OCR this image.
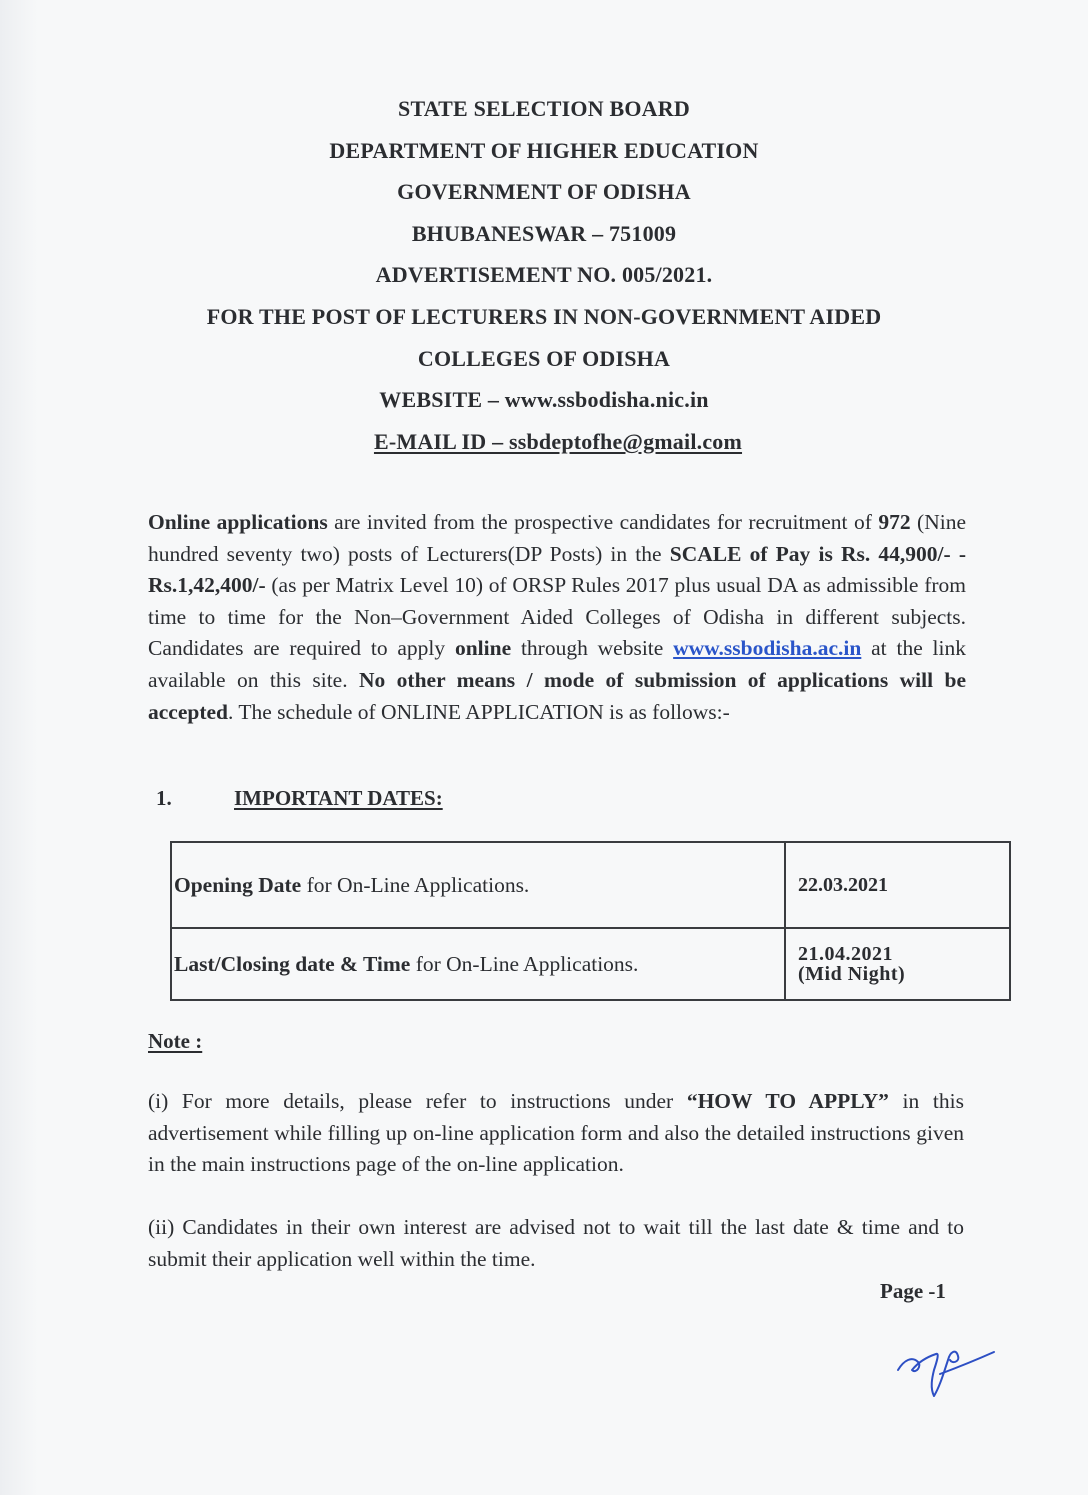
STATE SELECTION BOARD
DEPARTMENT OF HIGHER EDUCATION
GOVERNMENT OF ODISHA
BHUBANESWAR – 751009
ADVERTISEMENT NO. 005/2021.
FOR THE POST OF LECTURERS IN NON-GOVERNMENT AIDED
COLLEGES OF ODISHA
WEBSITE – www.ssbodisha.nic.in
E-MAIL ID – ssbdeptofhe@gmail.com
Online applications are invited from the prospective candidates for recruitment of 972 (Nine hundred seventy two) posts of Lecturers(DP Posts) in the SCALE of Pay is Rs. 44,900/- - Rs.1,42,400/- (as per Matrix Level 10) of ORSP Rules 2017 plus usual DA as admissible from time to time for the Non–Government Aided Colleges of Odisha in different subjects. Candidates are required to apply online through website www.ssbodisha.ac.in at the link available on this site. No other means / mode of submission of applications will be accepted. The schedule of ONLINE APPLICATION is as follows:-
1.	IMPORTANT DATES:
Opening Date for On-Line Applications.	22.03.2021
Last/Closing date & Time for On-Line Applications.	21.04.2021
(Mid Night)
Note :
(i) For more details, please refer to instructions under “HOW TO APPLY” in this advertisement while filling up on-line application form and also the detailed instructions given in the main instructions page of the on-line application.
(ii) Candidates in their own interest are advised not to wait till the last date & time and to submit their application well within the time.
Page -1
